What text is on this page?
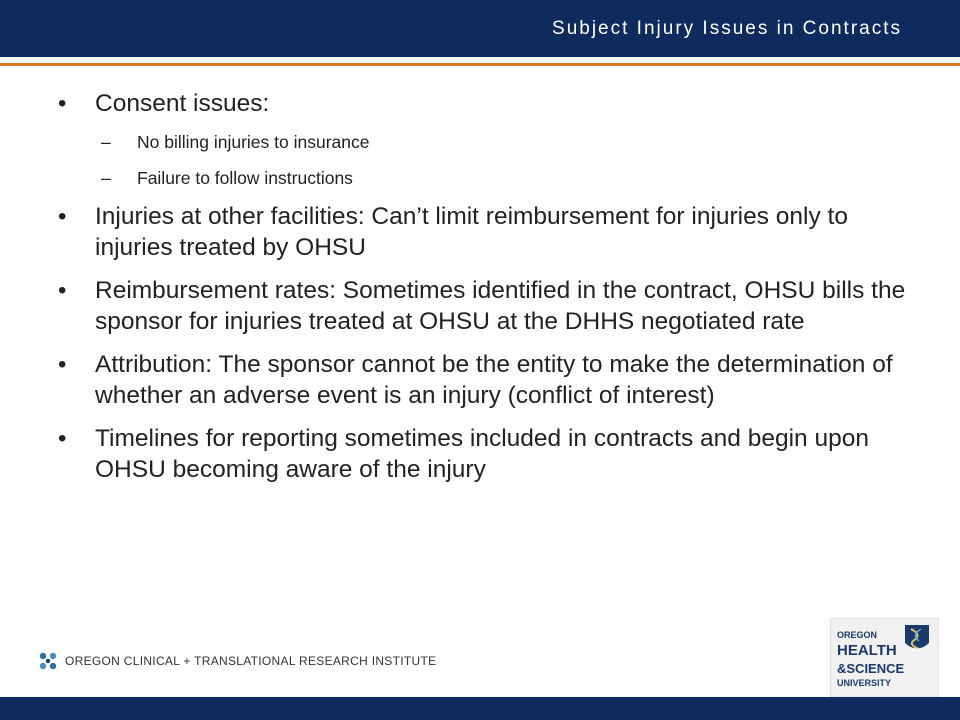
Subject Injury Issues in Contracts
• Consent issues:
– No billing injuries to insurance
– Failure to follow instructions
• Injuries at other facilities: Can’t limit reimbursement for injuries only to injuries treated by OHSU
• Reimbursement rates: Sometimes identified in the contract, OHSU bills the sponsor for injuries treated at OHSU at the DHHS negotiated rate
• Attribution: The sponsor cannot be the entity to make the determination of whether an adverse event is an injury (conflict of interest)
• Timelines for reporting sometimes included in contracts and begin upon OHSU becoming aware of the injury
OREGON CLINICAL + TRANSLATIONAL RESEARCH INSTITUTE
OREGON
HEALTH
&SCIENCE
UNIVERSITY
OHSU
